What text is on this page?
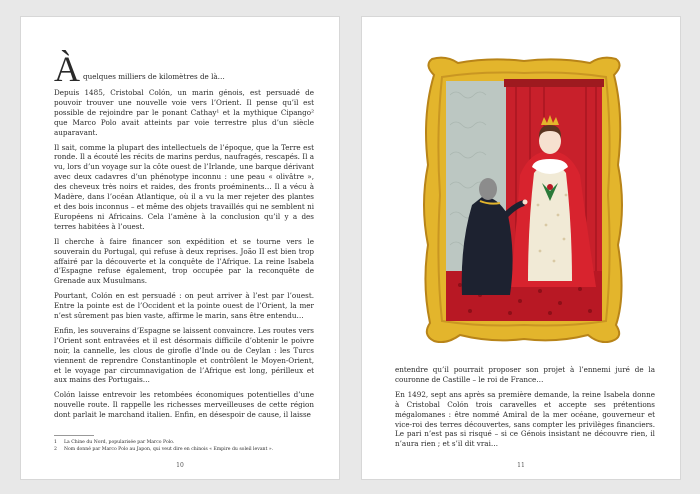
À quelques milliers de kilomètres de là…

Depuis 1485, Cristobal Colón, un marin génois, est persuadé de pouvoir trouver une nouvelle voie vers l’Orient. Il pense qu’il est possible de rejoindre par le ponant Cathay¹ et la mythique Cipango² que Marco Polo avait atteints par voie terrestre plus d’un siècle auparavant.

Il sait, comme la plupart des intellectuels de l’époque, que la Terre est ronde. Il a écouté les récits de marins perdus, naufragés, rescapés. Il a vu, lors d’un voyage sur la côte ouest de l’Irlande, une barque dérivant avec deux cadavres d’un phénotype inconnu : une peau « olivâtre », des cheveux très noirs et raides, des fronts proéminents… Il a vécu à Madère, dans l’océan Atlantique, où il a vu la mer rejeter des plantes et des bois inconnus – et même des objets travaillés qui ne semblent ni Européens ni Africains. Cela l’amène à la conclusion qu’il y a des terres habitées à l’ouest.

Il cherche à faire financer son expédition et se tourne vers le souverain du Portugal, qui refuse à deux reprises. João II est bien trop affairé par la découverte et la conquête de l’Afrique. La reine Isabela d’Espagne refuse également, trop occupée par la reconquête de Grenade aux Musulmans.

Pourtant, Colón en est persuadé : on peut arriver à l’est par l’ouest. Entre la pointe est de l’Occident et la pointe ouest de l’Orient, la mer n’est sûrement pas bien vaste, affirme le marin, sans être entendu…

Enfin, les souverains d’Espagne se laissent convaincre. Les routes vers l’Orient sont entravées et il est désormais difficile d’obtenir le poivre noir, la cannelle, les clous de girofle d’Inde ou de Ceylan : les Turcs viennent de reprendre Constantinople et contrôlent le Moyen-Orient, et le voyage par circumnavigation de l’Afrique est long, périlleux et aux mains des Portugais…

Colón laisse entrevoir les retombées économiques potentielles d’une nouvelle route. Il rappelle les richesses merveilleuses de cette région dont parlait le marchand italien. Enfin, en désespoir de cause, il laisse

1	La Chine du Nord, popularisée par Marco Polo.
2	Nom donné par Marco Polo au Japon, qui veut dire en chinois « Empire du soleil levant ».
10

entendre qu’il pourrait proposer son projet à l’ennemi juré de la couronne de Castille – le roi de France…

En 1492, sept ans après sa première demande, la reine Isabela donne à Cristobal Colón trois caravelles et accepte ses prétentions mégalomanes : être nommé Amiral de la mer océane, gouverneur et vice-roi des terres découvertes, sans compter les privilèges financiers. Le pari n’est pas si risqué – si ce Génois insistant ne découvre rien, il n’aura rien ; et s’il dit vrai…

11
